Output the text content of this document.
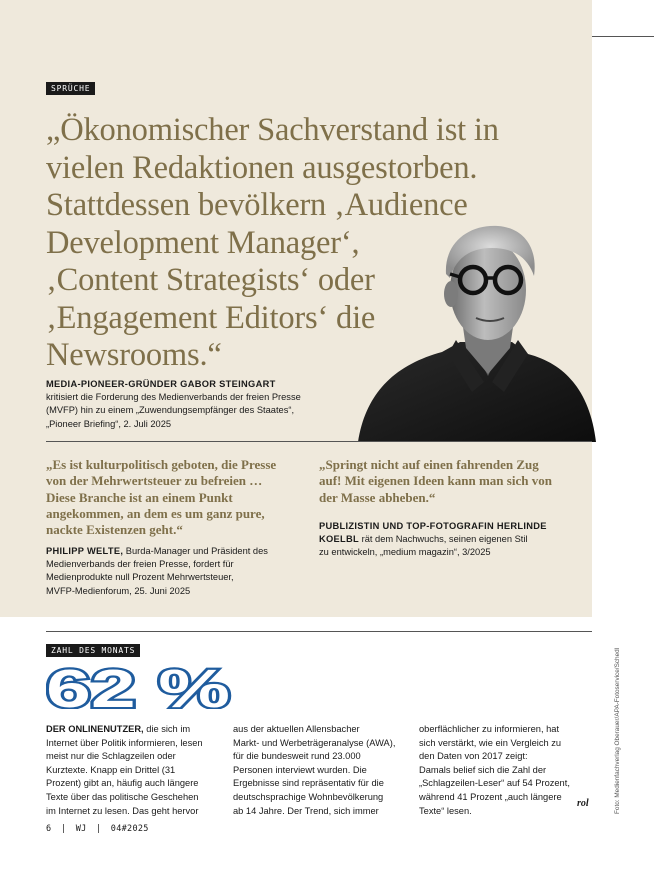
SPRÜCHE
„Ökonomischer Sachverstand ist in
vielen Redaktionen ausgestorben.
Stattdessen bevölkern ‚Audience
Development Manager‘,
‚Content Strategists‘ oder
‚Engagement Editors‘ die
Newsrooms.“
MEDIA-PIONEER-GRÜNDER GABOR STEINGART
kritisiert die Forderung des Medienverbands der freien Presse
(MVFP) hin zu einem „Zuwendungsempfänger des Staates“,
„Pioneer Briefing“, 2. Juli 2025
„Es ist kulturpolitisch geboten, die Presse
von der Mehrwertsteuer zu befreien …
Diese Branche ist an einem Punkt
angekommen, an dem es um ganz pure,
nackte Existenzen geht.“
PHILIPP WELTE, Burda-Manager und Präsident des
Medienverbands der freien Presse, fordert für
Medienprodukte null Prozent Mehrwertsteuer,
MVFP-Medienforum, 25. Juni 2025
„Springt nicht auf einen fahrenden Zug
auf! Mit eigenen Ideen kann man sich von
der Masse abheben.“
PUBLIZISTIN UND TOP-FOTOGRAFIN HERLINDE
KOELBL rät dem Nachwuchs, seinen eigenen Stil
zu entwickeln, „medium magazin“, 3/2025
ZAHL DES MONATS
62 %
DER ONLINENUTZER, die sich im
Internet über Politik informieren, lesen
meist nur die Schlagzeilen oder
Kurztexte. Knapp ein Drittel (31
Prozent) gibt an, häufig auch längere
Texte über das politische Geschehen
im Internet zu lesen. Das geht hervor
aus der aktuellen Allensbacher
Markt- und Werbeträgeranalyse (AWA),
für die bundesweit rund 23.000
Personen interviewt wurden. Die
Ergebnisse sind repräsentativ für die
deutschsprachige Wohnbevölkerung
ab 14 Jahre. Der Trend, sich immer
oberflächlicher zu informieren, hat
sich verstärkt, wie ein Vergleich zu
den Daten von 2017 zeigt:
Damals belief sich die Zahl der
„Schlagzeilen-Leser“ auf 54 Prozent,
während 41 Prozent „auch längere
Texte“ lesen.
rol	Foto: Medienfachverlag Oberauer/APA-Fotoservice/Schedl
6 | WJ | 04#2025
